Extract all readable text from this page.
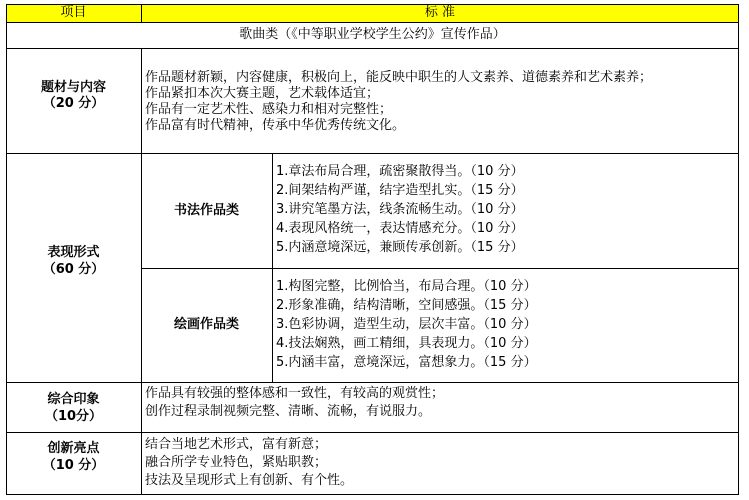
项目	标 准
歌曲类（《中等职业学校学生公约》宣传作品）
题材与内容
（20 分）
作品题材新颖，内容健康，积极向上，能反映中职生的人文素养、道德素养和艺术素养；
作品紧扣本次大赛主题，艺术载体适宜；
作品有一定艺术性、感染力和相对完整性；
作品富有时代精神，传承中华优秀传统文化。
表现形式
（60 分）
书法作品类
1.章法布局合理，疏密聚散得当。（10 分）
2.间架结构严谨，结字造型扎实。（15 分）
3.讲究笔墨方法，线条流畅生动。（10 分）
4.表现风格统一，表达情感充分。（10 分）
5.内涵意境深远，兼顾传承创新。（15 分）
绘画作品类
1.构图完整，比例恰当，布局合理。（10 分）
2.形象准确，结构清晰，空间感强。（15 分）
3.色彩协调，造型生动，层次丰富。（10 分）
4.技法娴熟，画工精细，具表现力。（10 分）
5.内涵丰富，意境深远，富想象力。（15 分）
综合印象
（10分）
作品具有较强的整体感和一致性，有较高的观赏性；
创作过程录制视频完整、清晰、流畅，有说服力。
创新亮点
（10 分）
结合当地艺术形式，富有新意；
融合所学专业特色，紧贴职教；
技法及呈现形式上有创新、有个性。
